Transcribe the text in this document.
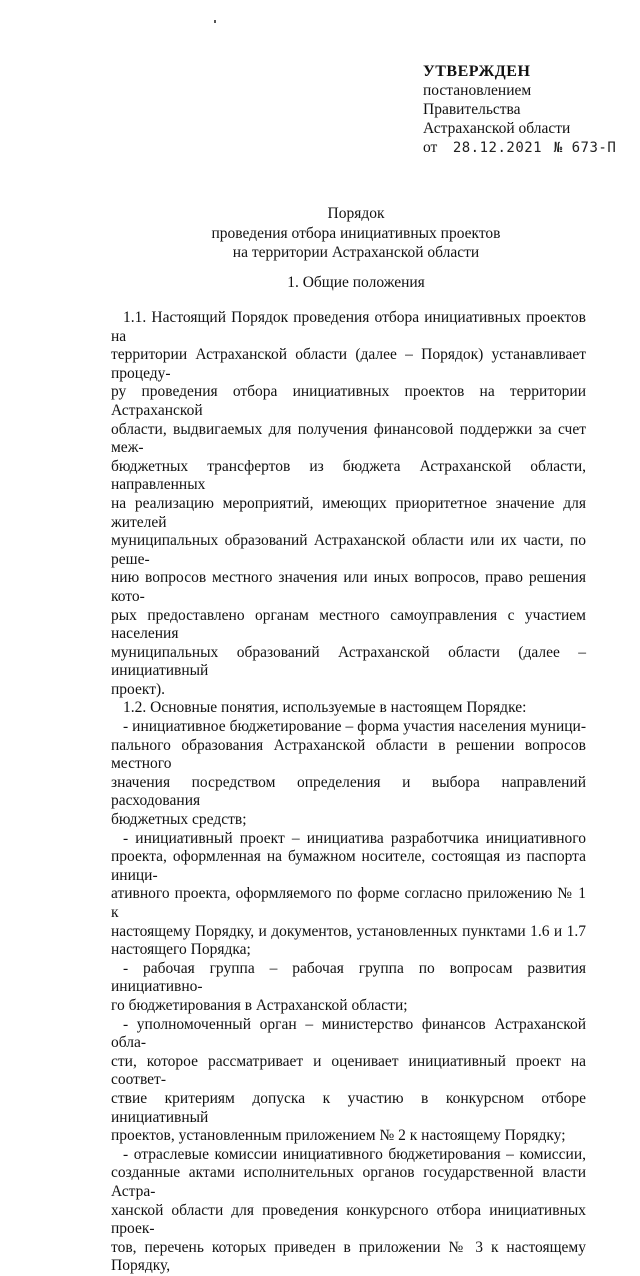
УТВЕРЖДЕН
постановлением
Правительства
Астраханской области
от 28.12.2021 № 673-П
Порядок
проведения отбора инициативных проектов
на территории Астраханской области
1. Общие положения

1.1. Настоящий Порядок проведения отбора инициативных проектов на

территории Астраханской области (далее – Порядок) устанавливает процеду-

ру проведения отбора инициативных проектов на территории Астраханской

области, выдвигаемых для получения финансовой поддержки за счет меж-

бюджетных трансфертов из бюджета Астраханской области, направленных

на реализацию мероприятий, имеющих приоритетное значение для жителей

муниципальных образований Астраханской области или их части, по реше-

нию вопросов местного значения или иных вопросов, право решения кото-

рых предоставлено органам местного самоуправления с участием населения

муниципальных образований Астраханской области (далее – инициативный

проект).

1.2. Основные понятия, используемые в настоящем Порядке:

- инициативное бюджетирование – форма участия населения муници-

пального образования Астраханской области в решении вопросов местного

значения посредством определения и выбора направлений расходования

бюджетных средств;

- инициативный проект – инициатива разработчика инициативного

проекта, оформленная на бумажном носителе, состоящая из паспорта иници-

ативного проекта, оформляемого по форме согласно приложению № 1 к

настоящему Порядку, и документов, установленных пунктами 1.6 и 1.7

настоящего Порядка;

- рабочая группа – рабочая группа по вопросам развития инициативно-

го бюджетирования в Астраханской области;

- уполномоченный орган – министерство финансов Астраханской обла-

сти, которое рассматривает и оценивает инициативный проект на соответ-

ствие критериям допуска к участию в конкурсном отборе инициативный

проектов, установленным приложением № 2 к настоящему Порядку;

- отраслевые комиссии инициативного бюджетирования – комиссии,

созданные актами исполнительных органов государственной власти Астра-

ханской области для проведения конкурсного отбора инициативных проек-

тов, перечень которых приведен в приложении № 3 к настоящему Порядку,
